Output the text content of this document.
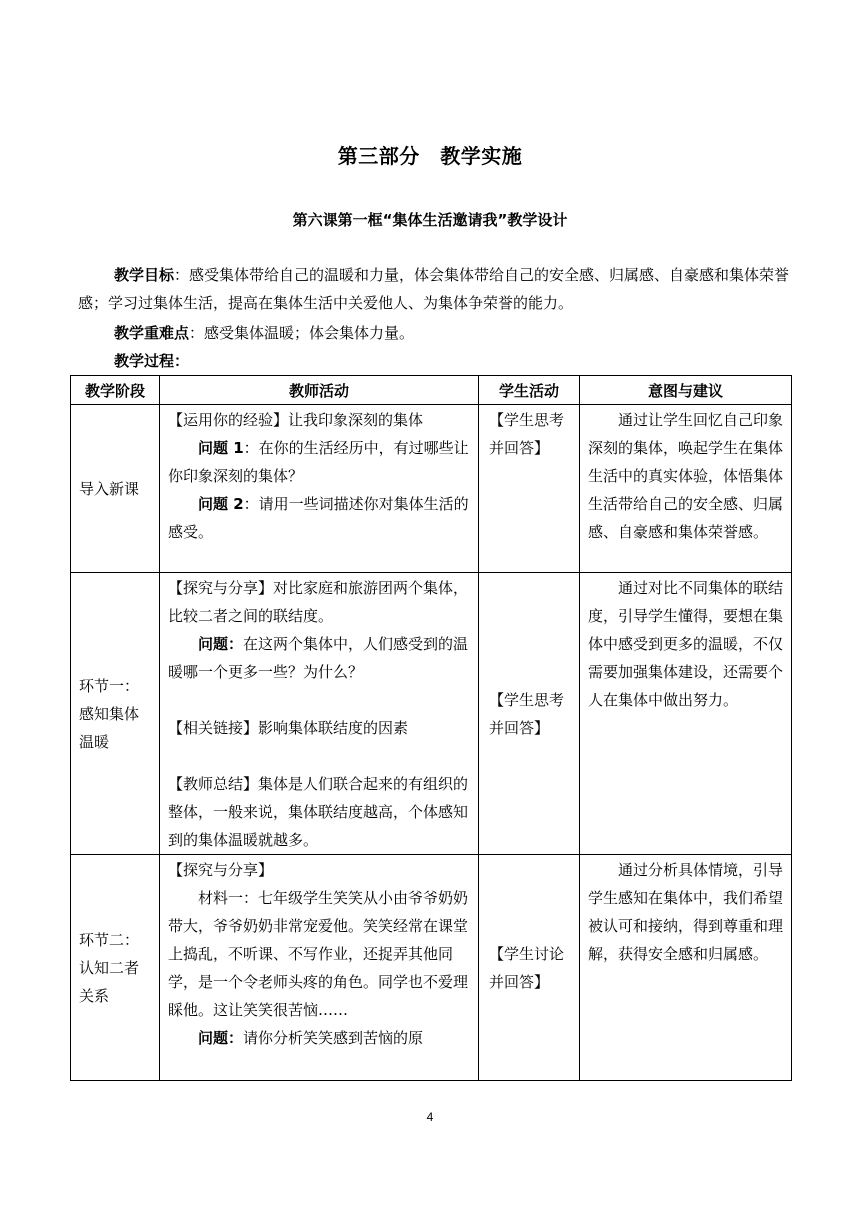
第三部分　教学实施
第六课第一框“集体生活邀请我”教学设计
教学目标：感受集体带给自己的温暖和力量，体会集体带给自己的安全感、归属感、自豪感和集体荣誉感；学习过集体生活，提高在集体生活中关爱他人、为集体争荣誉的能力。
教学重难点：感受集体温暖；体会集体力量。
教学过程：
教学阶段	教师活动	学生活动	意图与建议
导入新课	【运用你的经验】让我印象深刻的集体
问题 1：在你的生活经历中，有过哪些让你印象深刻的集体？
问题 2：请用一些词描述你对集体生活的感受。	【学生思考并回答】	通过让学生回忆自己印象深刻的集体，唤起学生在集体生活中的真实体验，体悟集体生活带给自己的安全感、归属感、自豪感和集体荣誉感。
环节一：感知集体温暖	【探究与分享】对比家庭和旅游团两个集体，比较二者之间的联结度。
问题：在这两个集体中，人们感受到的温暖哪一个更多一些？为什么？
【相关链接】影响集体联结度的因素
【教师总结】集体是人们联合起来的有组织的整体，一般来说，集体联结度越高，个体感知到的集体温暖就越多。	【学生思考并回答】	通过对比不同集体的联结度，引导学生懂得，要想在集体中感受到更多的温暖，不仅需要加强集体建设，还需要个人在集体中做出努力。
环节二：认知二者关系	【探究与分享】
材料一：七年级学生笑笑从小由爷爷奶奶带大，爷爷奶奶非常宠爱他。笑笑经常在课堂上捣乱，不听课、不写作业，还捉弄其他同学，是一个令老师头疼的角色。同学也不爱理睬他。这让笑笑很苦恼……
问题：请你分析笑笑感到苦恼的原	【学生讨论并回答】	通过分析具体情境，引导学生感知在集体中，我们希望被认可和接纳，得到尊重和理解，获得安全感和归属感。
4
